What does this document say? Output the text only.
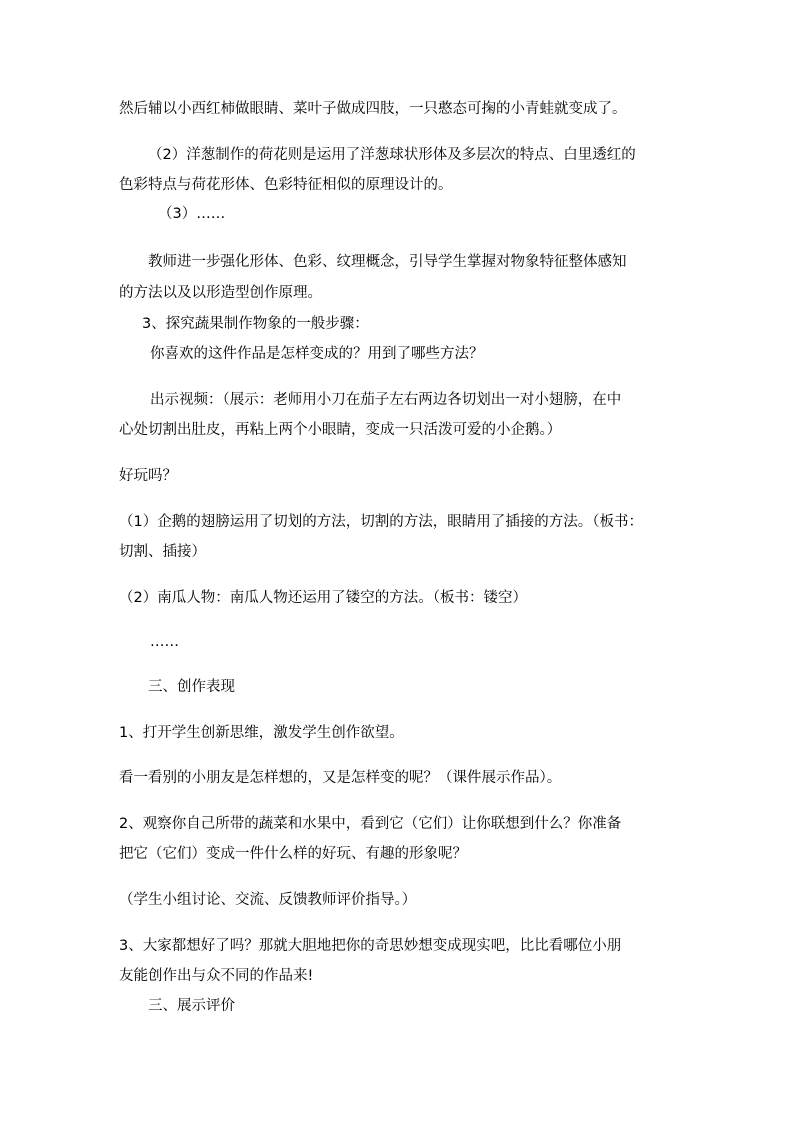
然后辅以小西红柿做眼睛、菜叶子做成四肢，一只憨态可掬的小青蛙就变成了。
（2）洋葱制作的荷花则是运用了洋葱球状形体及多层次的特点、白里透红的
色彩特点与荷花形体、色彩特征相似的原理设计的。
（3）……
教师进一步强化形体、色彩、纹理概念，引导学生掌握对物象特征整体感知
的方法以及以形造型创作原理。
3、探究蔬果制作物象的一般步骤：
你喜欢的这件作品是怎样变成的？用到了哪些方法？
出示视频：（展示：老师用小刀在茄子左右两边各切划出一对小翅膀，在中
心处切割出肚皮，再粘上两个小眼睛，变成一只活泼可爱的小企鹅。）
好玩吗？
（1）企鹅的翅膀运用了切划的方法，切割的方法，眼睛用了插接的方法。（板书：
切割、插接）
（2）南瓜人物：南瓜人物还运用了镂空的方法。（板书：镂空）
……
三、创作表现
1、打开学生创新思维，激发学生创作欲望。
看一看别的小朋友是怎样想的，又是怎样变的呢？（课件展示作品）。
2、观察你自己所带的蔬菜和水果中，看到它（它们）让你联想到什么？你准备
把它（它们）变成一件什么样的好玩、有趣的形象呢？
（学生小组讨论、交流、反馈教师评价指导。）
3、大家都想好了吗？那就大胆地把你的奇思妙想变成现实吧，比比看哪位小朋
友能创作出与众不同的作品来!
三、展示评价
